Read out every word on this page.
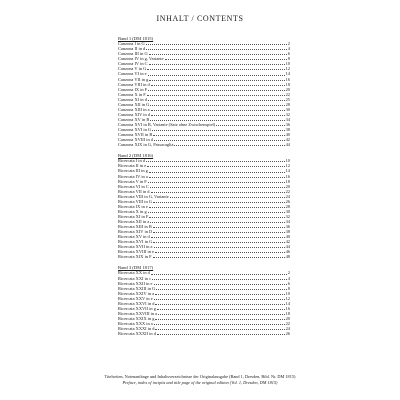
INHALT / CONTENTS
Band 1 (DM 1815)
Canzona I in G	2
Canzona II in d	4
Canzona III in G	6
Canzona IV in g, Variante	8
Canzona IV in C	10
Canzona V in G	12
Canzona VI in e	14
Canzona VII in g	16
Canzona VIII in d	18
Canzona IX in F	20
Canzona X in F	22
Canzona XI in d	25
Canzona XII in G	28
Canzona XIII in a	30
Canzona XIV in d	32
Canzona XV in B	34
Canzona XVI in B, Variante (Satz ohne Zwischenspiel)	36
Canzona XVI in G	38
Canzona XVII in B	40
Canzona XVIII in d	42
Canzona XIX in G, Passacaglia	44
Band 2 (DM 1816)
Ricercata I in d	10
Ricercata II in e	12
Ricercata III in g	14
Ricercata IV in a	16
Ricercata V in F	18
Ricercata VI in C	20
Ricercata VII in d	22
Ricercata VIII in G, Variante	24
Ricercata VIII in G	26
Ricercata IX in e	28
Ricercata X in g	30
Ricercata XI in F	32
Ricercata XII in a	34
Ricercata XIII in B	36
Ricercata XIV in D	38
Ricercata XV in d	40
Ricercata XVI in G	42
Ricercata XVII in a	44
Ricercata XVIII in e	46
Ricercata XIX in F	48
Band 3 (DM 1817)
Ricercata XX in d	2
Ricercata XXI in c	4
Ricercata XXII in e	6
Ricercata XXIII in G	8
Ricercata XXIV in a	10
Ricercata XXV in e	12
Ricercata XXVI in d	14
Ricercata XXVII in g	16
Ricercata XXVIII in a	18
Ricercata XXIX in g	20
Ricercata XXX in a	22
Ricercata XXXI in d	24
Ricercata XXXII in d	26
Titelseiten, Notenanfänge und Inhaltsverzeichnisse der Originalausgabe (Band 1, Dresden, Bibl. Nr. DM 1815)
Preface, index of incipits and title page of the original edition (Vol. 1, Dresden, DM 1815)
